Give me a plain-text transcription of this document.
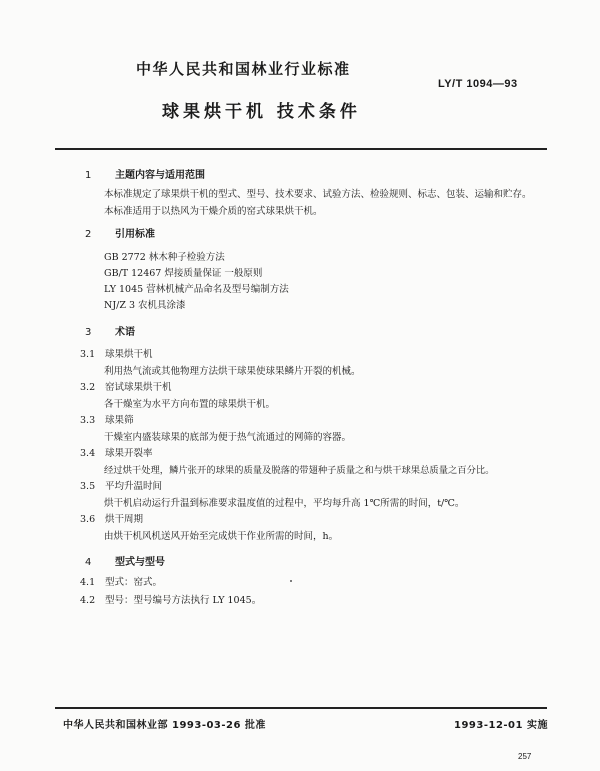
中华人民共和国林业行业标准
LY/T 1094—93
球果烘干机 技术条件
1 主题内容与适用范围
本标准规定了球果烘干机的型式、型号、技术要求、试验方法、检验规则、标志、包装、运输和贮存。
本标准适用于以热风为干燥介质的窑式球果烘干机。
2 引用标准
GB 2772 林木种子检验方法
GB/T 12467 焊接质量保证 一般原则
LY 1045 营林机械产品命名及型号编制方法
NJ/Z 3 农机具涂漆
3 术语
3.1 球果烘干机
利用热气流或其他物理方法烘干球果使球果鳞片开裂的机械。
3.2 窑试球果烘干机
各干燥室为水平方向布置的球果烘干机。
3.3 球果筛
干燥室内盛装球果的底部为便于热气流通过的网筛的容器。
3.4 球果开裂率
经过烘干处理，鳞片张开的球果的质量及脱落的带翅种子质量之和与烘干球果总质量之百分比。
3.5 平均升温时间
烘干机启动运行升温到标准要求温度值的过程中，平均每升高 1℃所需的时间，t/℃。
3.6 烘干周期
由烘干机风机送风开始至完成烘干作业所需的时间，h。
4 型式与型号
4.1 型式：窑式。
4.2 型号：型号编号方法执行 LY 1045。
中华人民共和国林业部 1993-03-26 批准	1993-12-01 实施
257
